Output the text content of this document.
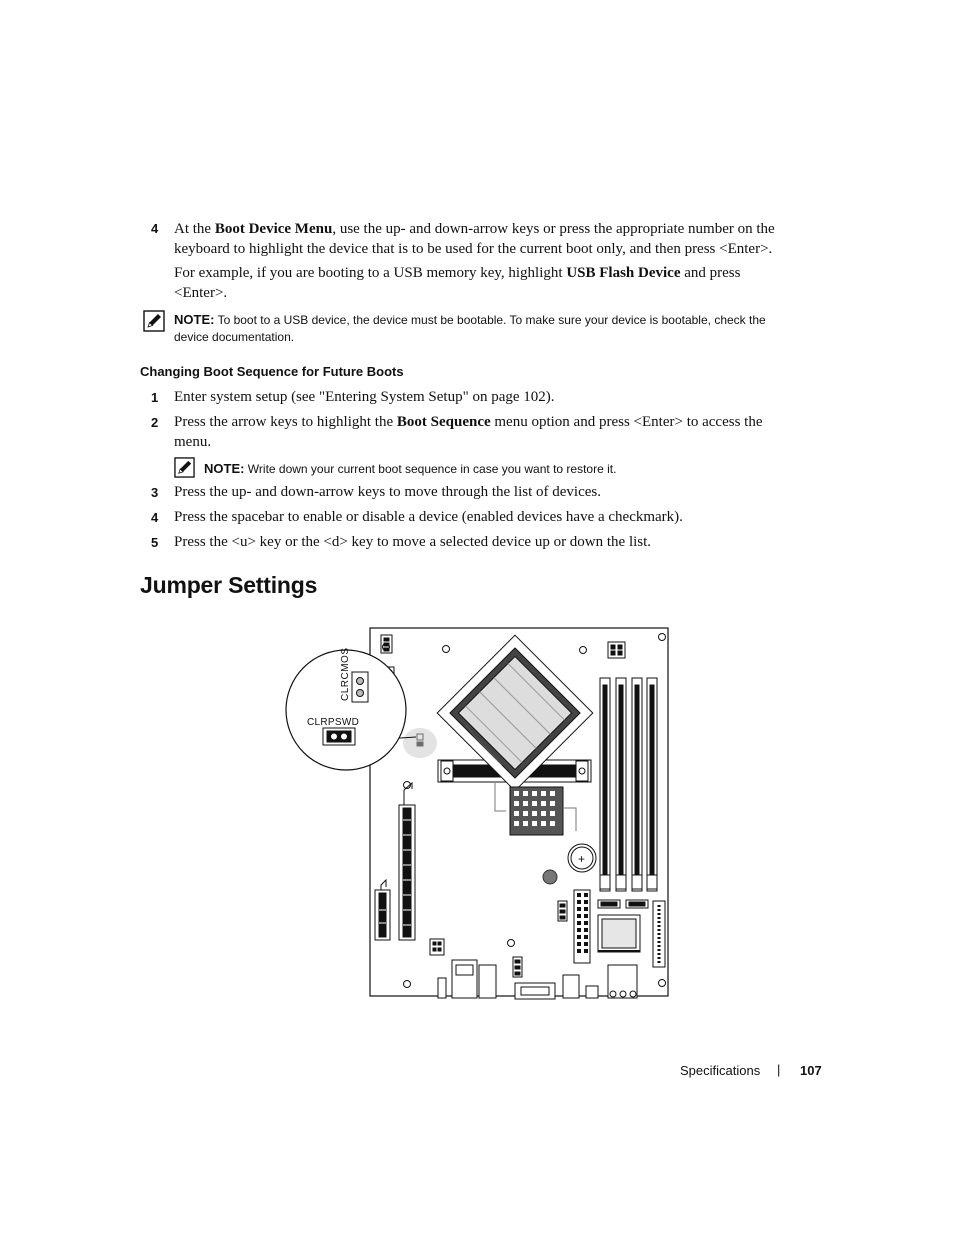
4 At the Boot Device Menu, use the up- and down-arrow keys or press the appropriate number on the
keyboard to highlight the device that is to be used for the current boot only, and then press <Enter>.
For example, if you are booting to a USB memory key, highlight USB Flash Device and press
<Enter>.
NOTE: To boot to a USB device, the device must be bootable. To make sure your device is bootable, check the
device documentation.
Changing Boot Sequence for Future Boots
1 Enter system setup (see "Entering System Setup" on page 102).
2 Press the arrow keys to highlight the Boot Sequence menu option and press <Enter> to access the
menu.
NOTE: Write down your current boot sequence in case you want to restore it.
3 Press the up- and down-arrow keys to move through the list of devices.
4 Press the spacebar to enable or disable a device (enabled devices have a checkmark).
5 Press the <u> key or the <d> key to move a selected device up or down the list.
Jumper Settings
+
CLRCMOS
CLRPSWD
Specifications | 107
